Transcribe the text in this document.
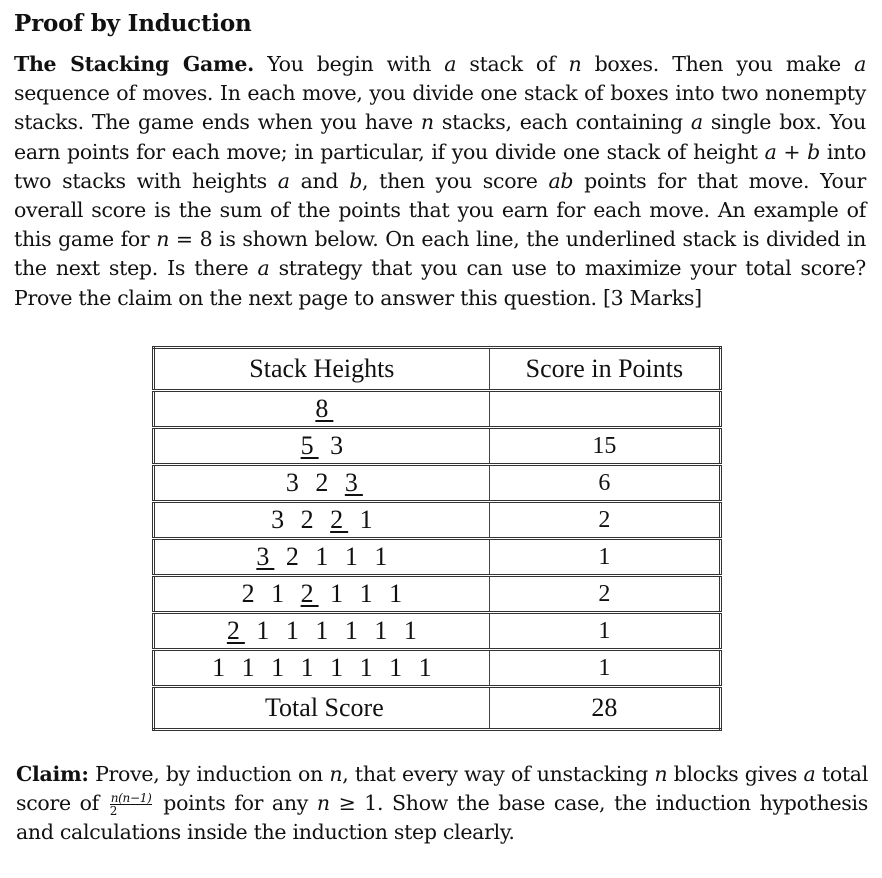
Proof by Induction
The Stacking Game. You begin with a stack of n boxes. Then you make a sequence of moves. In each move, you divide one stack of boxes into two nonempty stacks. The game ends when you have n stacks, each containing a single box. You earn points for each move; in particular, if you divide one stack of height a + b into two stacks with heights a and b, then you score ab points for that move. Your overall score is the sum of the points that you earn for each move. An example of this game for n = 8 is shown below. On each line, the underlined stack is divided in the next step. Is there a strategy that you can use to maximize your total score? Prove the claim on the next page to answer this question. [3 Marks]
Stack Heights	Score in Points
8	
5 3	15
3 2 3	6
3 2 2 1	2
3 2 1 1 1	1
2 1 2 1 1 1	2
2 1 1 1 1 1 1	1
1 1 1 1 1 1 1 1	1
Total Score	28
Claim: Prove, by induction on n, that every way of unstacking n blocks gives a total score of $\frac{n(n-1)}{2}$ points for any n ≥ 1. Show the base case, the induction hypothesis and calculations inside the induction step clearly.
